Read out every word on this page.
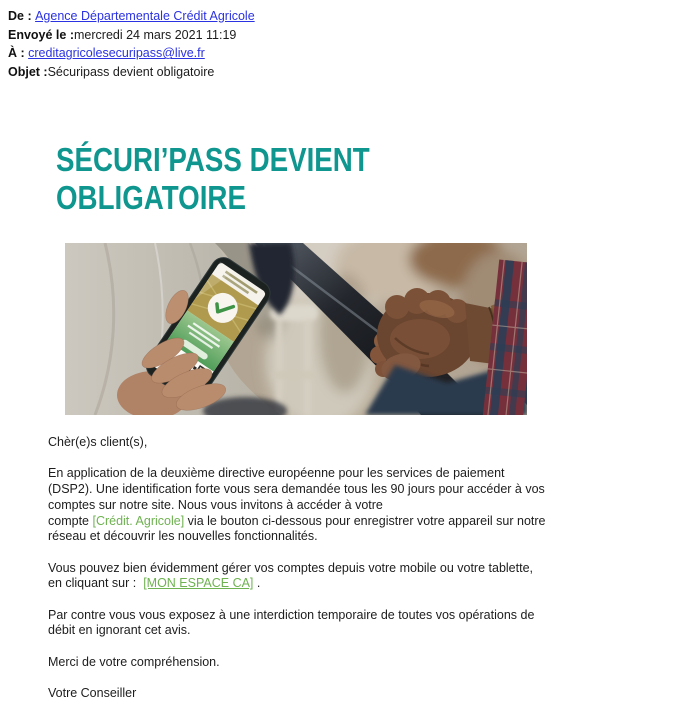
De : Agence Départementale Crédit Agricole
Envoyé le :mercredi 24 mars 2021 11:19
À : creditagricolesecuripass@live.fr
Objet :Sécuripass devient obligatoire
SÉCURI’PASS DEVIENT
OBLIGATOIRE

Chèr(e)s client(s),

En application de la deuxième directive européenne pour les services de paiement
(DSP2). Une identification forte vous sera demandée tous les 90 jours pour accéder à vos
comptes sur notre site. Nous vous invitons à accéder à votre
compte [Crédit. Agricole] via le bouton ci-dessous pour enregistrer votre appareil sur notre
réseau et découvrir les nouvelles fonctionnalités.

Vous pouvez bien évidemment gérer vos comptes depuis votre mobile ou votre tablette,
en cliquant sur :  [MON ESPACE CA] .

Par contre vous vous exposez à une interdiction temporaire de toutes vos opérations de
débit en ignorant cet avis.

Merci de votre compréhension.

Votre Conseiller
